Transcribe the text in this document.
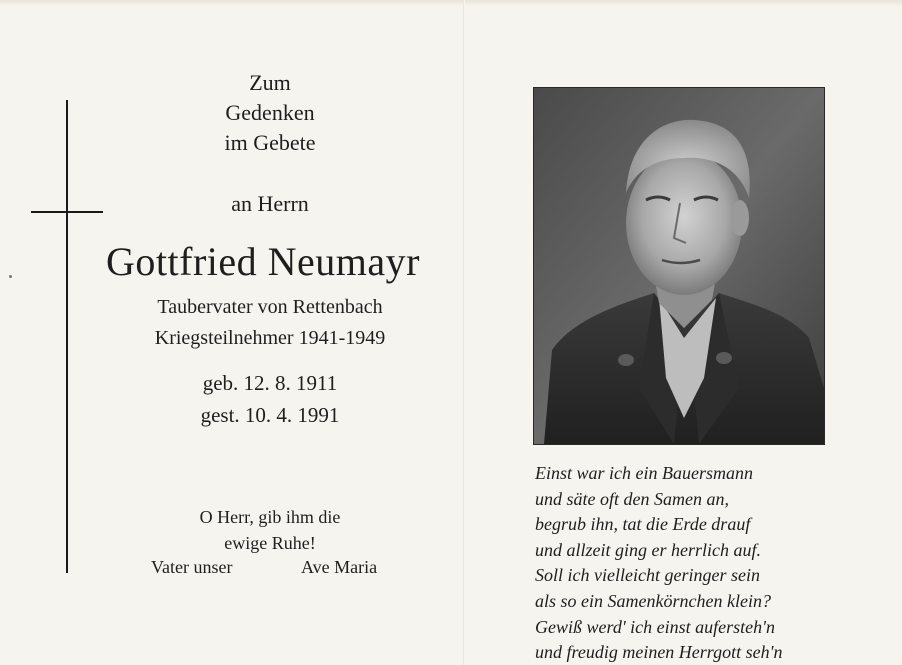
Zum
Gedenken
im Gebete
an Herrn
Gottfried Neumayr
Taubervater von Rettenbach
Kriegsteilnehmer 1941-1949
geb. 12. 8. 1911
gest. 10. 4. 1991
O Herr, gib ihm die
ewige Ruhe!
Vater unser	Ave Maria
Einst war ich ein Bauersmann
und säte oft den Samen an,
begrub ihn, tat die Erde drauf
und allzeit ging er herrlich auf.
Soll ich vielleicht geringer sein
als so ein Samenkörnchen klein?
Gewiß werd' ich einst aufersteh'n
und freudig meinen Herrgott seh'n
